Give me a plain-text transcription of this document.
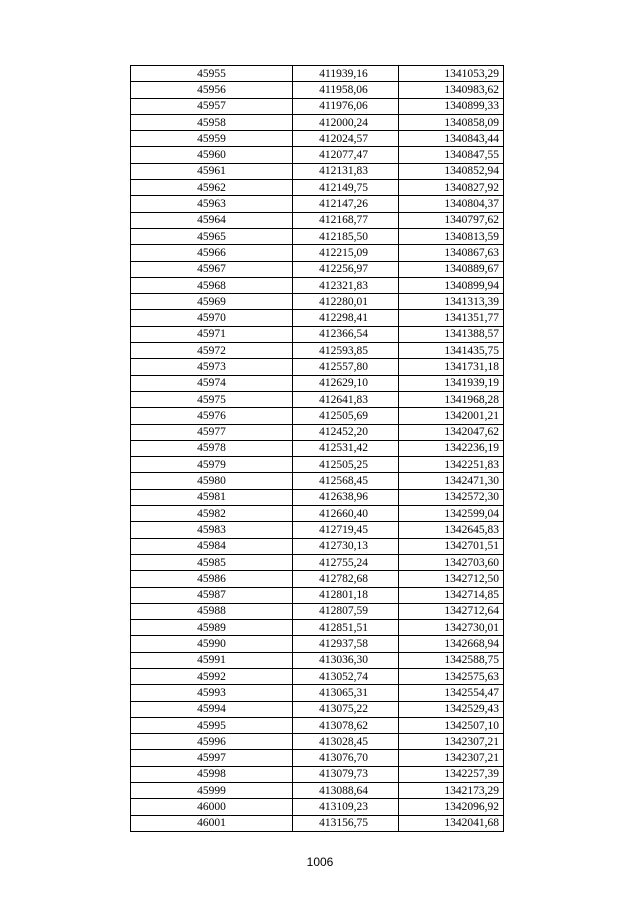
45955	411939,16	1341053,29
45956	411958,06	1340983,62
45957	411976,06	1340899,33
45958	412000,24	1340858,09
45959	412024,57	1340843,44
45960	412077,47	1340847,55
45961	412131,83	1340852,94
45962	412149,75	1340827,92
45963	412147,26	1340804,37
45964	412168,77	1340797,62
45965	412185,50	1340813,59
45966	412215,09	1340867,63
45967	412256,97	1340889,67
45968	412321,83	1340899,94
45969	412280,01	1341313,39
45970	412298,41	1341351,77
45971	412366,54	1341388,57
45972	412593,85	1341435,75
45973	412557,80	1341731,18
45974	412629,10	1341939,19
45975	412641,83	1341968,28
45976	412505,69	1342001,21
45977	412452,20	1342047,62
45978	412531,42	1342236,19
45979	412505,25	1342251,83
45980	412568,45	1342471,30
45981	412638,96	1342572,30
45982	412660,40	1342599,04
45983	412719,45	1342645,83
45984	412730,13	1342701,51
45985	412755,24	1342703,60
45986	412782,68	1342712,50
45987	412801,18	1342714,85
45988	412807,59	1342712,64
45989	412851,51	1342730,01
45990	412937,58	1342668,94
45991	413036,30	1342588,75
45992	413052,74	1342575,63
45993	413065,31	1342554,47
45994	413075,22	1342529,43
45995	413078,62	1342507,10
45996	413028,45	1342307,21
45997	413076,70	1342307,21
45998	413079,73	1342257,39
45999	413088,64	1342173,29
46000	413109,23	1342096,92
46001	413156,75	1342041,68
1006
